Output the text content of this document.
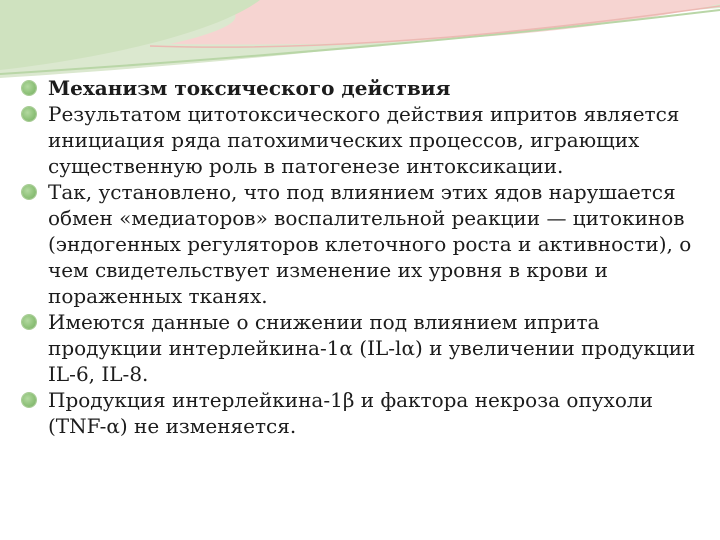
Механизм токсического действия
Результатом цитотоксического действия ипритов является инициация ряда патохимических процессов, играющих существенную роль в патогенезе интоксикации.
Так, установлено, что под влиянием этих ядов нарушается обмен «медиаторов» воспалительной реакции — цитокинов (эндогенных регуляторов клеточного роста и активности), о чем свидетельствует изменение их уровня в крови и пораженных тканях.
Имеются данные о снижении под влиянием иприта продукции интерлейкина-1α (IL-lα) и увеличении продукции IL-6, IL-8.
Продукция интерлейкина-1β и фактора некроза опухоли (TNF-α) не изменяется.
